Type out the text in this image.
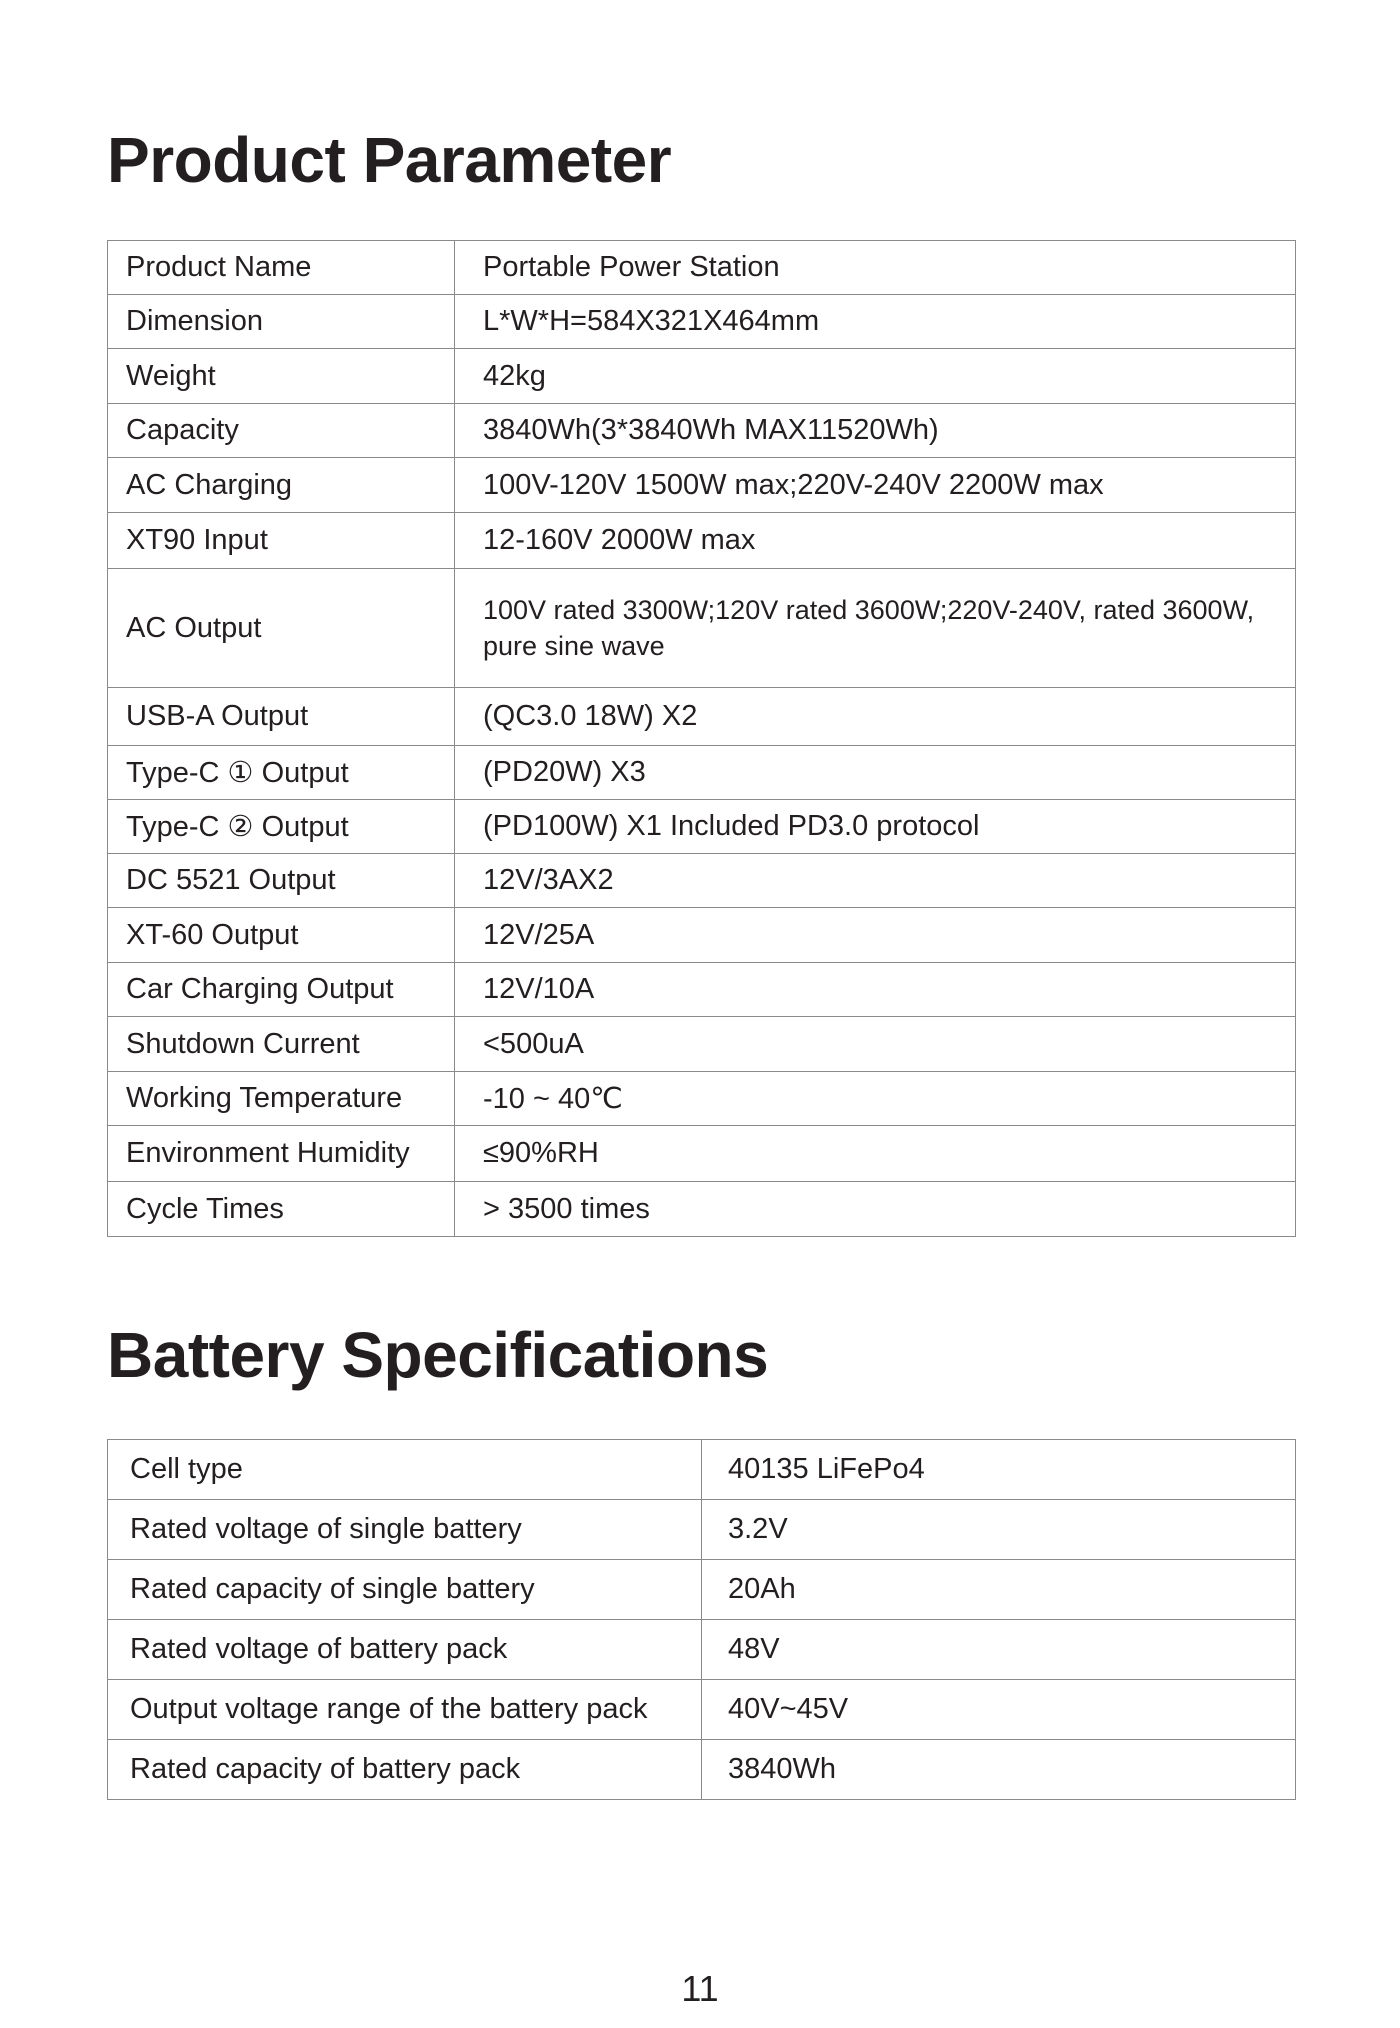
Product Parameter
Product Name	Portable Power Station
Dimension	L*W*H=584X321X464mm
Weight	42kg
Capacity	3840Wh(3*3840Wh MAX11520Wh)
AC Charging	100V-120V 1500W max;220V-240V 2200W max
XT90 Input	12-160V 2000W max
AC Output	100V rated 3300W;120V rated 3600W;220V-240V, rated 3600W, pure sine wave
USB-A Output	(QC3.0 18W) X2
Type-C ① Output	(PD20W) X3
Type-C ② Output	(PD100W) X1 Included PD3.0 protocol
DC 5521 Output	12V/3AX2
XT-60 Output	12V/25A
Car Charging Output	12V/10A
Shutdown Current	<500uA
Working Temperature	-10 ~ 40℃
Environment Humidity	≤90%RH
Cycle Times	> 3500 times
Battery Specifications
Cell type	40135 LiFePo4
Rated voltage of single battery	3.2V
Rated capacity of single battery	20Ah
Rated voltage of battery pack	48V
Output voltage range of the battery pack	40V~45V
Rated capacity of battery pack	3840Wh
11
